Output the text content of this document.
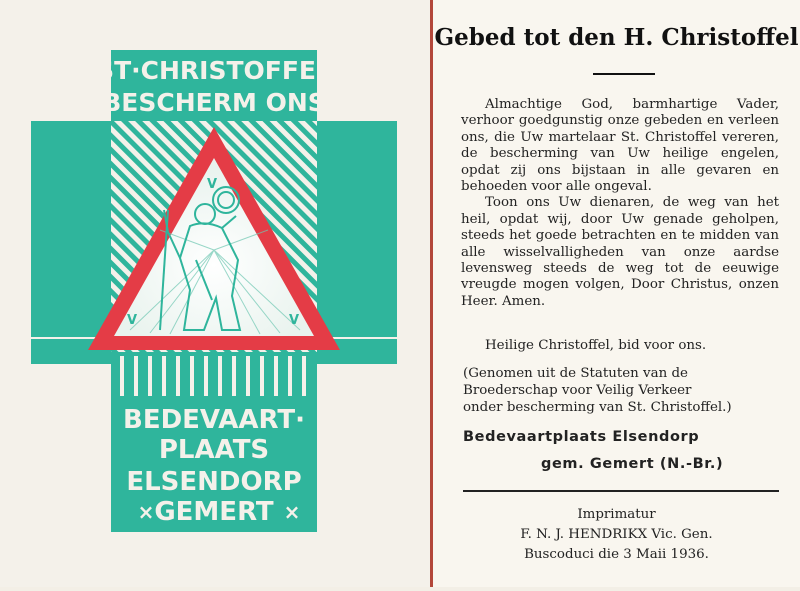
ST·CHRISTOFFEL
BESCHERM ONS
V
V	V
BEDEVAART·
PLAATS
ELSENDORP
GEMERT
×	×
Gebed tot den H. Christoffel

Almachtige God, barmhartige Vader, verhoor goedgunstig onze gebeden en verleen ons, die Uw martelaar St. Christoffel vereren, de bescherming van Uw heilige engelen, opdat zij ons bijstaan in alle gevaren en behoeden voor alle ongeval.

Toon ons Uw dienaren, de weg van het heil, opdat wij, door Uw genade geholpen, steeds het goede betrachten en te midden van alle wisselvalligheden van onze aardse levensweg steeds de weg tot de eeuwige vreugde mogen volgen, Door Christus, onzen Heer. Amen.

Heilige Christoffel, bid voor ons.
(Genomen uit de Statuten van de
Broederschap voor Veilig Verkeer
onder bescherming van St. Christoffel.)
Bedevaartplaats Elsendorp
gem. Gemert (N.-Br.)
Imprimatur
F. N. J. HENDRIKX Vic. Gen.
Buscoduci die 3 Maii 1936.
